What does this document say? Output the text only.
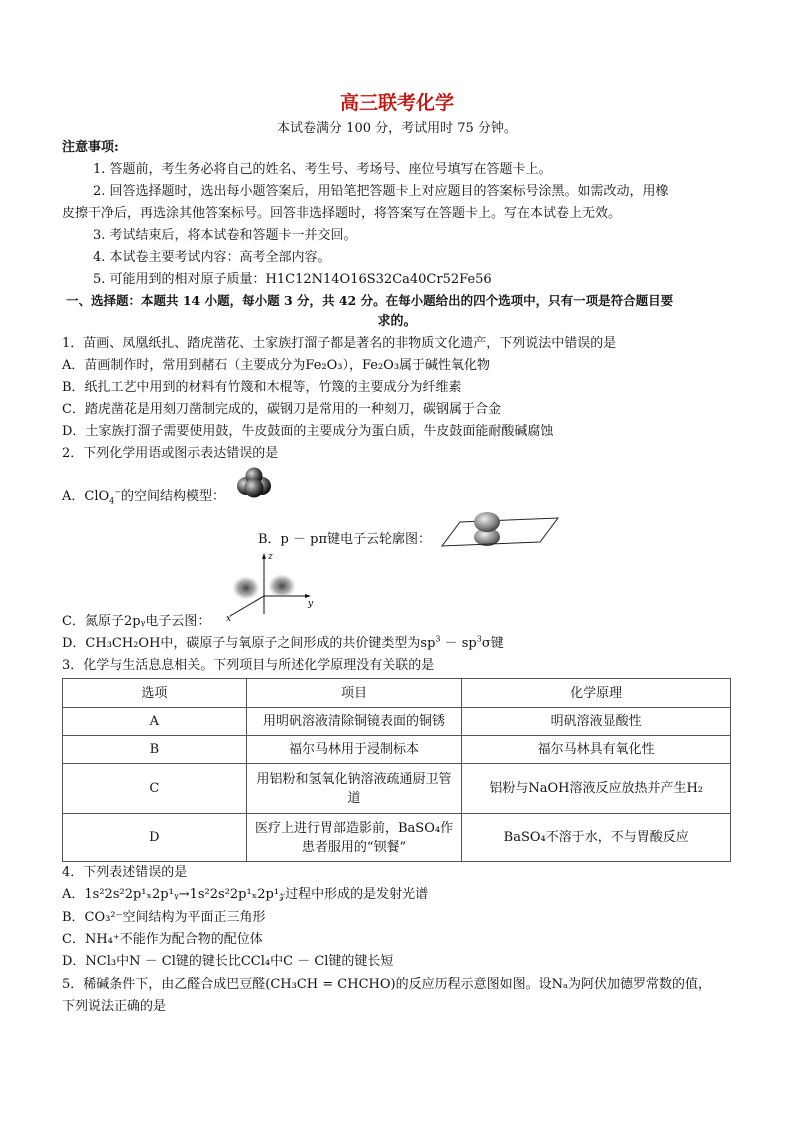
高三联考化学
本试卷满分 100 分，考试用时 75 分钟。
注意事项:
1. 答题前，考生务必将自己的姓名、考生号、考场号、座位号填写在答题卡上。
2. 回答选择题时，选出每小题答案后，用铅笔把答题卡上对应题目的答案标号涂黑。如需改动，用橡
皮擦干净后，再选涂其他答案标号。回答非选择题时，将答案写在答题卡上。写在本试卷上无效。
3. 考试结束后，将本试卷和答题卡一并交回。
4. 本试卷主要考试内容：高考全部内容。
5. 可能用到的相对原子质量：H1C12N14O16S32Ca40Cr52Fe56
一、选择题：本题共 14 小题，每小题 3 分，共 42 分。在每小题给出的四个选项中，只有一项是符合题目要
求的。
1．苗画、凤凰纸扎、踏虎凿花、土家族打溜子都是著名的非物质文化遗产，下列说法中错误的是
A．苗画制作时，常用到赭石（主要成分为Fe₂O₃），Fe₂O₃属于碱性氧化物
B．纸扎工艺中用到的材料有竹篾和木棍等，竹篾的主要成分为纤维素
C．踏虎凿花是用刻刀凿制完成的，碳钢刀是常用的一种刻刀，碳钢属于合金
D．土家族打溜子需要使用鼓，牛皮鼓面的主要成分为蛋白质，牛皮鼓面能耐酸碱腐蚀
2．下列化学用语或图示表达错误的是
A．ClO$_4$−的空间结构模型：
B．p － pπ键电子云轮廓图：
z
y
x
C．氮原子2pᵧ电子云图：
D．CH₃CH₂OH中，碳原子与氧原子之间形成的共价键类型为$sp^3 - sp^3\sigma$键
3．化学与生活息息相关。下列项目与所述化学原理没有关联的是
选项	项目	化学原理
A	用明矾溶液清除铜镜表面的铜锈	明矾溶液显酸性
B	福尔马林用于浸制标本	福尔马林具有氧化性
C	用铝粉和氢氧化钠溶液疏通厨卫管道	铝粉与NaOH溶液反应放热并产生H₂
D	医疗上进行胃部造影前，BaSO₄作患者服用的“钡餐”	BaSO₄不溶于水，不与胃酸反应
4．下列表述错误的是
A．1s²2s²2p¹ₓ2p¹ᵧ→1s²2s²2p¹ₓ2p¹𝓏过程中形成的是发射光谱
B．CO₃²⁻空间结构为平面正三角形
C．NH₄⁺不能作为配合物的配位体
D．NCl₃中N － Cl键的键长比CCl₄中C － Cl键的键长短
5．稀碱条件下，由乙醛合成巴豆醛(CH₃CH = CHCHO)的反应历程示意图如图。设Nₐ为阿伏加德罗常数的值，
下列说法正确的是
